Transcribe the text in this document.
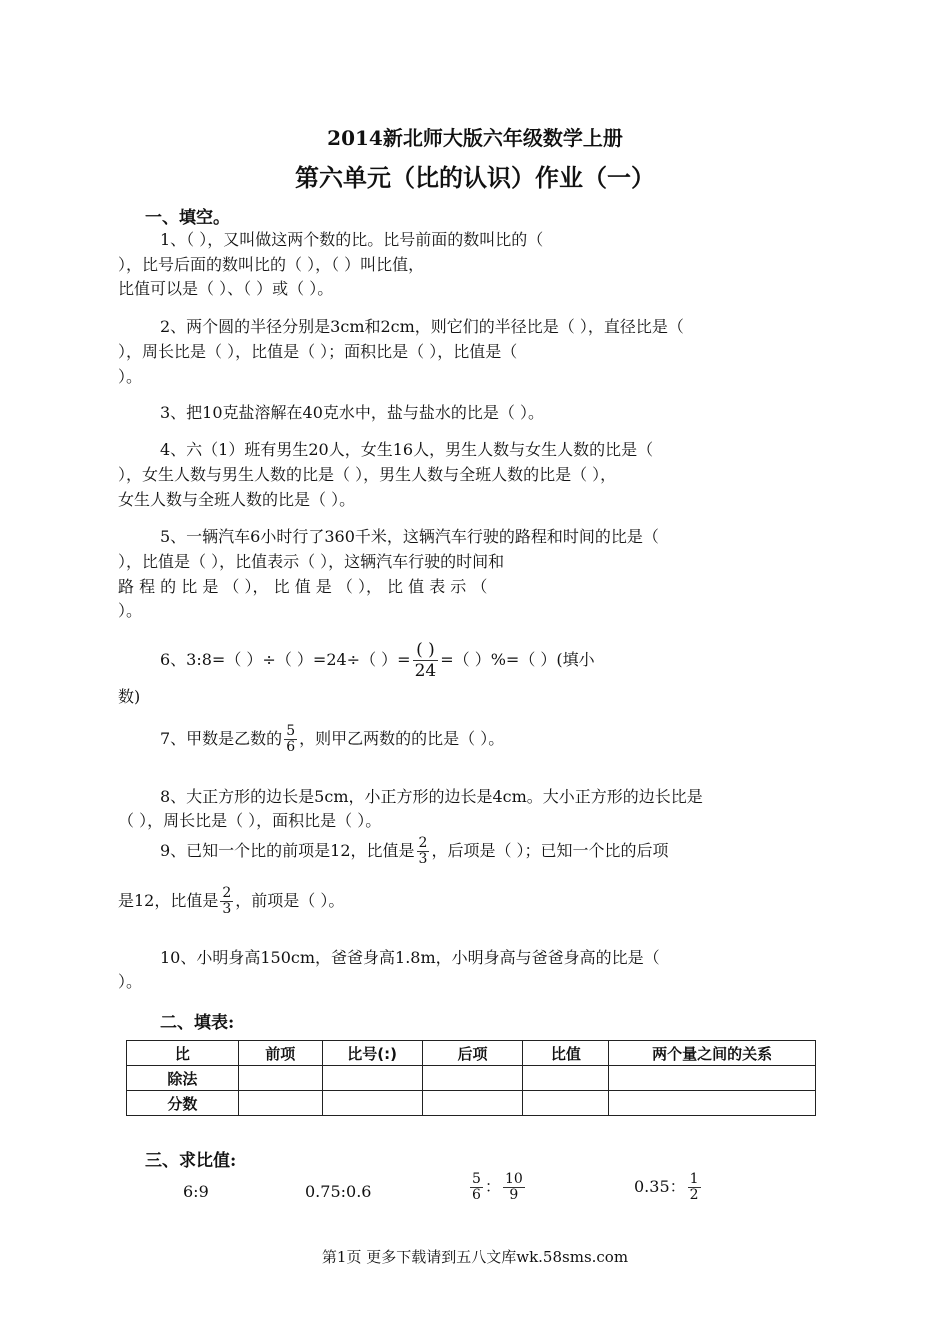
2014新北师大版六年级数学上册
第六单元（比的认识）作业（一）
一、填空。
1、（ ），又叫做这两个数的比。比号前面的数叫比的（
），比号后面的数叫比的（ ），（ ）叫比值，
比值可以是（ ）、（ ）或（ ）。
2、两个圆的半径分别是3cm和2cm，则它们的半径比是（ ），直径比是（
），周长比是（ ），比值是（ ）；面积比是（ ），比值是（
）。
3、把10克盐溶解在40克水中，盐与盐水的比是（ ）。
4、六（1）班有男生20人，女生16人，男生人数与女生人数的比是（
），女生人数与男生人数的比是（ ），男生人数与全班人数的比是（ ），
女生人数与全班人数的比是（ ）。
5、一辆汽车6小时行了360千米，这辆汽车行驶的路程和时间的比是（
），比值是（ ），比值表示（ ），这辆汽车行驶的时间和
路 程 的 比 是 （ ）， 比 值 是 （ ）， 比 值 表 示 （
）。
6、3:8=（ ）÷（ ）=24÷（ ）= $\frac{( )}{24}$ =（ ）%=（ ）(填小
数)
7、甲数是乙数的 $\frac{5}{6}$ ，则甲乙两数的的比是（ ）。
8、大正方形的边长是5cm，小正方形的边长是4cm。大小正方形的边长比是
（ ），周长比是（ ），面积比是（ ）。
9、已知一个比的前项是12，比值是 $\frac{2}{3}$ ，后项是（ ）；已知一个比的后项
是12，比值是 $\frac{2}{3}$ ，前项是（ ）。
10、小明身高150cm，爸爸身高1.8m，小明身高与爸爸身高的比是（
）。
二、填表:
比	前项	比号(:)	后项	比值	两个量之间的关系
除法					
分数					
三、求比值:
6:9	0.75:0.6	$\frac{5}{6}$ ： $\frac{10}{9}$	0.35： $\frac{1}{2}$
第1页 更多下载请到五八文库wk.58sms.com
